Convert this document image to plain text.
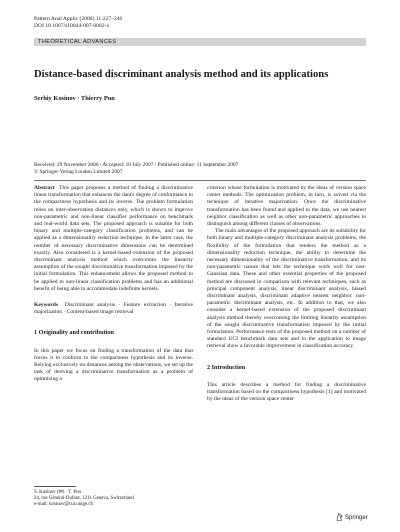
Pattern Anal Applic (2008) 11:227–246
DOI 10.1007/s10044-007-0082-x
THEORETICAL ADVANCES
Distance-based discriminant analysis method and its applications
Serhiy Kosinov · Thierry Pun
Received: 29 November 2006 / Accepted: 10 July 2007 / Published online: 11 September 2007
© Springer-Verlag London Limited 2007

Abstract This paper proposes a method of finding a discriminative linear transformation that enhances the data's degree of conformance to the compactness hypothesis and its inverse. The problem formulation relies on inter-observation distances only, which is shown to improve non-parametric and non-linear classifier performance on benchmark and real-world data sets. The proposed approach is suitable for both binary and multiple-category classification problems, and can be applied as a dimensionality reduction technique. In the latter case, the number of necessary discriminative dimensions can be determined exactly. Also considered is a kernel-based extension of the proposed discriminant analysis method which overcomes the linearity assumption of the sought discriminative transformation imposed by the initial formulation. This enhancement allows the proposed method to be applied to non-linear classification problems and has an additional benefit of being able to accommodate indefinite kernels.

Keywords Discriminant analysis · Feature extraction · Iterative majorization · Content-based image retrieval

1 Originality and contribution

In this paper we focus on finding a transformation of the data that forces it to conform to the compactness hypothesis and its inverse. Relying exclusively on distances among the observations, we set up the task of deriving a discriminative transformation as a problem of optimizing a

criterion whose formulation is motivated by the ideas of version space center methods. The optimization problem, in turn, is solved via the technique of iterative majorization. Once the discriminative transformation has been found and applied to the data, we use nearest neighbor classification as well as other non-parametric approaches to distinguish among different classes of observations.

The main advantages of the proposed approach are its suitability for both binary and multiple-category discriminant analysis problems, the flexibility of the formulation that renders the method as a dimensionality reduction technique, the ability to determine the necessary dimensionality of the discriminative transformation, and its non-parametric nature that lets the technique work well for non-Gaussian data. These and other essential properties of the proposed method are discussed in comparison with relevant techniques, such as principal component analysis, linear discriminant analysis, biased discriminant analysis, discriminant adaptive nearest neighbor, non-parametric discriminant analysis, etc. In addition to that, we also consider a kernel-based extension of the proposed discriminant analysis method thereby overcoming the limiting linearity assumption of the sought discriminative transformation imposed by the initial formulation. Performance tests of the proposed method on a number of standard UCI benchmark data sets and in the application to image retrieval show a favorable improvement in classification accuracy.

2 Introduction

This article describes a method for finding a discriminative transformation based on the compactness hypothesis [1] and motivated by the ideas of the version space center

S. Kosinov (✉) · T. Pun
24, rue Général-Dufour, 1211 Geneva, Switzerland
e-mail: kosinov@cui.unige.ch
Springer
